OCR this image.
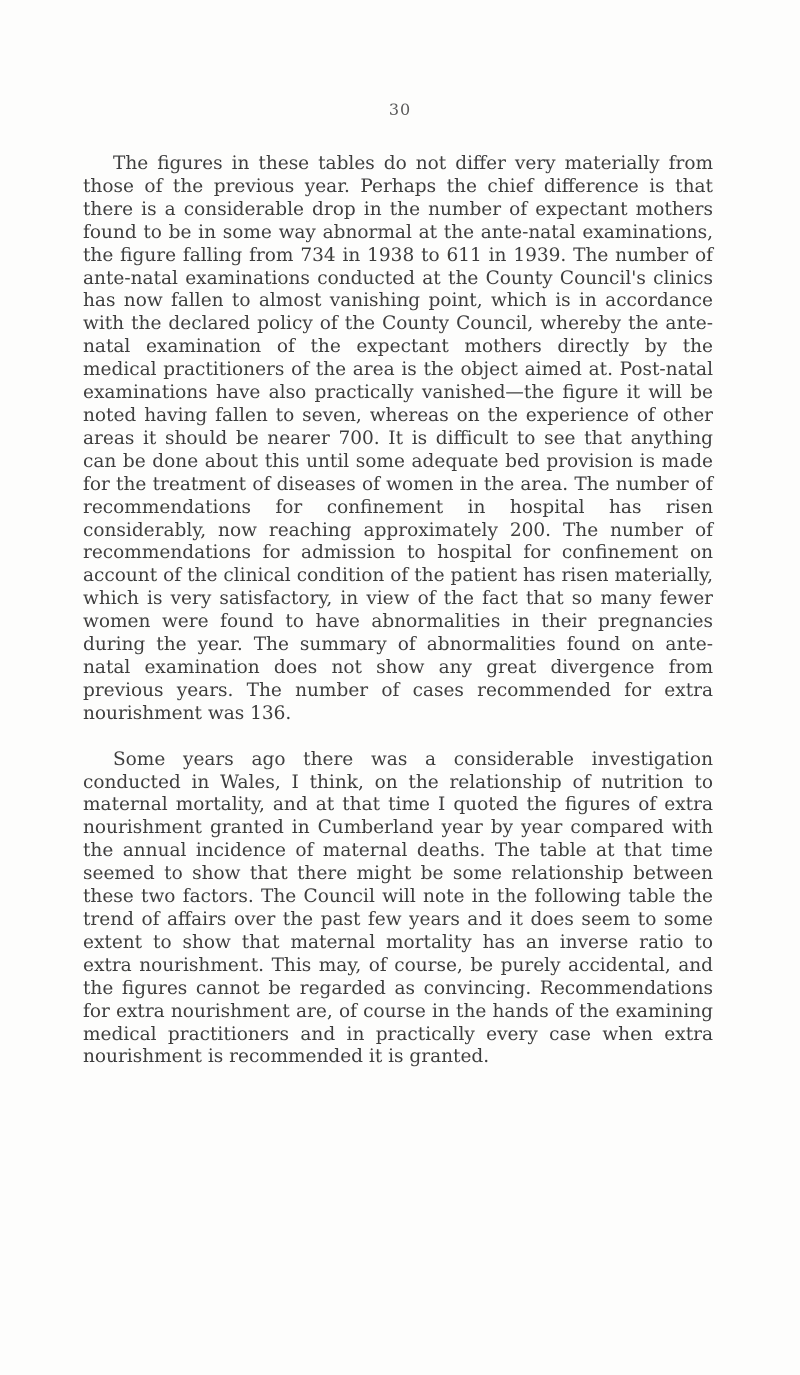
30

The figures in these tables do not differ very materially from those of the previous year. Perhaps the chief difference is that there is a considerable drop in the number of expectant mothers found to be in some way abnormal at the ante-natal examinations, the figure falling from 734 in 1938 to 611 in 1939. The number of ante-natal examinations conducted at the County Council's clinics has now fallen to almost vanishing point, which is in accordance with the declared policy of the County Council, whereby the ante-natal examination of the expectant mothers directly by the medical practitioners of the area is the object aimed at. Post-natal examinations have also practically vanished—the figure it will be noted having fallen to seven, whereas on the experience of other areas it should be nearer 700. It is difficult to see that anything can be done about this until some adequate bed provision is made for the treatment of diseases of women in the area. The number of recommendations for confinement in hospital has risen considerably, now reaching approximately 200. The number of recommendations for admission to hospital for confinement on account of the clinical condition of the patient has risen materially, which is very satisfactory, in view of the fact that so many fewer women were found to have abnormalities in their pregnancies during the year. The summary of abnormalities found on ante-natal examination does not show any great divergence from previous years. The number of cases recommended for extra nourishment was 136.

Some years ago there was a considerable investigation conducted in Wales, I think, on the relationship of nutrition to maternal mortality, and at that time I quoted the figures of extra nourishment granted in Cumberland year by year compared with the annual incidence of maternal deaths. The table at that time seemed to show that there might be some relationship between these two factors. The Council will note in the following table the trend of affairs over the past few years and it does seem to some extent to show that maternal mortality has an inverse ratio to extra nourishment. This may, of course, be purely accidental, and the figures cannot be regarded as convincing. Recommendations for extra nourishment are, of course in the hands of the examining medical practitioners and in practically every case when extra nourishment is recommended it is granted.
